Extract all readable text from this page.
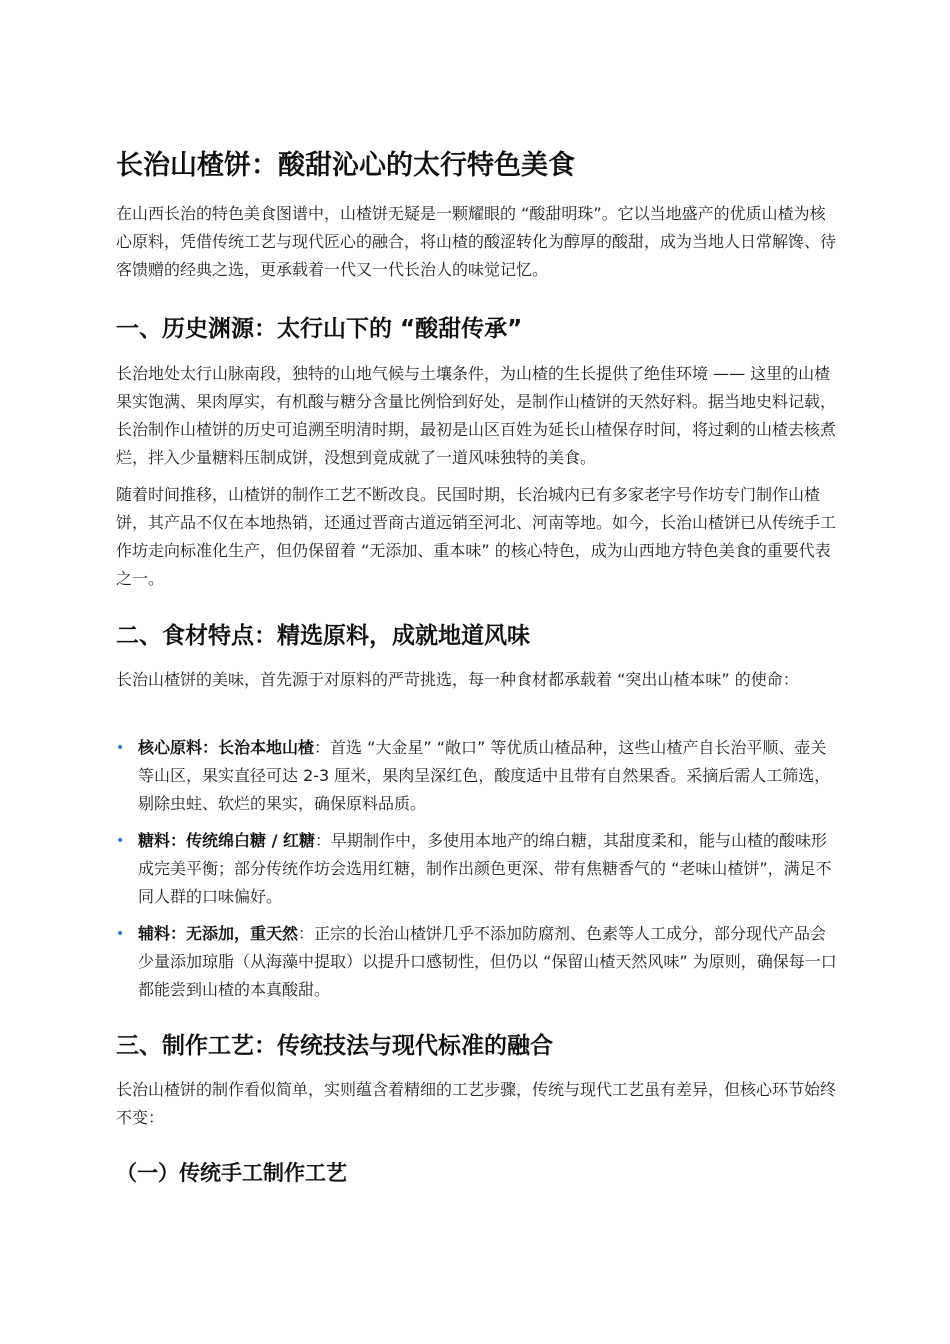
长治山楂饼：酸甜沁心的太行特色美食

在山西长治的特色美食图谱中，山楂饼无疑是一颗耀眼的 “酸甜明珠”。它以当地盛产的优质山楂为核心原料，凭借传统工艺与现代匠心的融合，将山楂的酸涩转化为醇厚的酸甜，成为当地人日常解馋、待客馈赠的经典之选，更承载着一代又一代长治人的味觉记忆。

一、历史渊源：太行山下的 “酸甜传承”

长治地处太行山脉南段，独特的山地气候与土壤条件，为山楂的生长提供了绝佳环境 —— 这里的山楂果实饱满、果肉厚实，有机酸与糖分含量比例恰到好处，是制作山楂饼的天然好料。据当地史料记载，长治制作山楂饼的历史可追溯至明清时期，最初是山区百姓为延长山楂保存时间，将过剩的山楂去核煮烂，拌入少量糖料压制成饼，没想到竟成就了一道风味独特的美食。

随着时间推移，山楂饼的制作工艺不断改良。民国时期，长治城内已有多家老字号作坊专门制作山楂饼，其产品不仅在本地热销，还通过晋商古道远销至河北、河南等地。如今，长治山楂饼已从传统手工作坊走向标准化生产，但仍保留着 “无添加、重本味” 的核心特色，成为山西地方特色美食的重要代表之一。

二、食材特点：精选原料，成就地道风味

长治山楂饼的美味，首先源于对原料的严苛挑选，每一种食材都承载着 “突出山楂本味” 的使命：

• 核心原料：长治本地山楂：首选 “大金星” “敞口” 等优质山楂品种，这些山楂产自长治平顺、壶关等山区，果实直径可达 2-3 厘米，果肉呈深红色，酸度适中且带有自然果香。采摘后需人工筛选，剔除虫蛀、软烂的果实，确保原料品质。
• 糖料：传统绵白糖 / 红糖：早期制作中，多使用本地产的绵白糖，其甜度柔和，能与山楂的酸味形成完美平衡；部分传统作坊会选用红糖，制作出颜色更深、带有焦糖香气的 “老味山楂饼”，满足不同人群的口味偏好。
• 辅料：无添加，重天然：正宗的长治山楂饼几乎不添加防腐剂、色素等人工成分，部分现代产品会少量添加琼脂（从海藻中提取）以提升口感韧性，但仍以 “保留山楂天然风味” 为原则，确保每一口都能尝到山楂的本真酸甜。
三、制作工艺：传统技法与现代标准的融合

长治山楂饼的制作看似简单，实则蕴含着精细的工艺步骤，传统与现代工艺虽有差异，但核心环节始终不变：

（一）传统手工制作工艺
